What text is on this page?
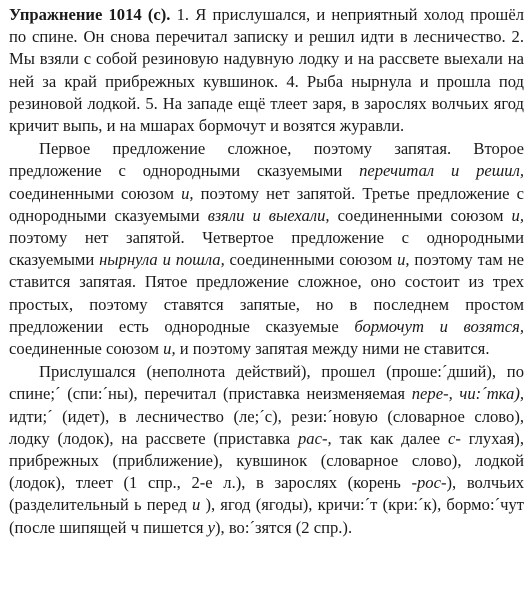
Упражнение 1014 (с). 1. Я прислушался, и неприятный холод прошёл по спине. Он снова перечитал записку и решил идти в лесничество. 2. Мы взяли с собой резиновую надувную лодку и на рассвете выехали на ней за край прибрежных кувшинок. 4. Рыба нырнула и прошла под резиновой лодкой. 5. На западе ещё тлеет заря, в зарослях волчьих ягод кричит выпь, и на мшарах бормочут и возятся журавли.

Первое предложение сложное, поэтому запятая. Второе предложение с однородными сказуемыми перечитал и решил, соединенными союзом и, поэтому нет запятой. Третье предложение с однородными сказуемыми взяли и выехали, соединенными союзом и, поэтому нет запятой. Четвертое предложение с однородными сказуемыми нырнула и пошла, соединенными союзом и, поэтому там не ставится запятая. Пятое предложение сложное, оно состоит из трех простых, поэтому ставятся запятые, но в последнем простом предложении есть однородные сказуемые бормочут и возятся, соединенные союзом и, и поэтому запятая между ними не ставится.

Прислушался (неполнота действий), прошел (проше:´дший), по спине;´ (спи:´ны), перечитал (приставка неизменяемая пере-, чи:´тка), идти;´ (идет), в лесничество (ле;´с), рези:´новую (словарное слово), лодку (лодок), на рассвете (приставка рас-, так как далее с- глухая), прибрежных (приближение), кувшинок (словарное слово), лодкой (лодок), тлеет (1 спр., 2-е л.), в зарослях (корень -рос-), волчьих (разделительный ь перед и ), ягод (ягоды), кричи:´т (кри:´к), бормо:´чут (после шипящей ч пишется у), во:´зятся (2 спр.).
